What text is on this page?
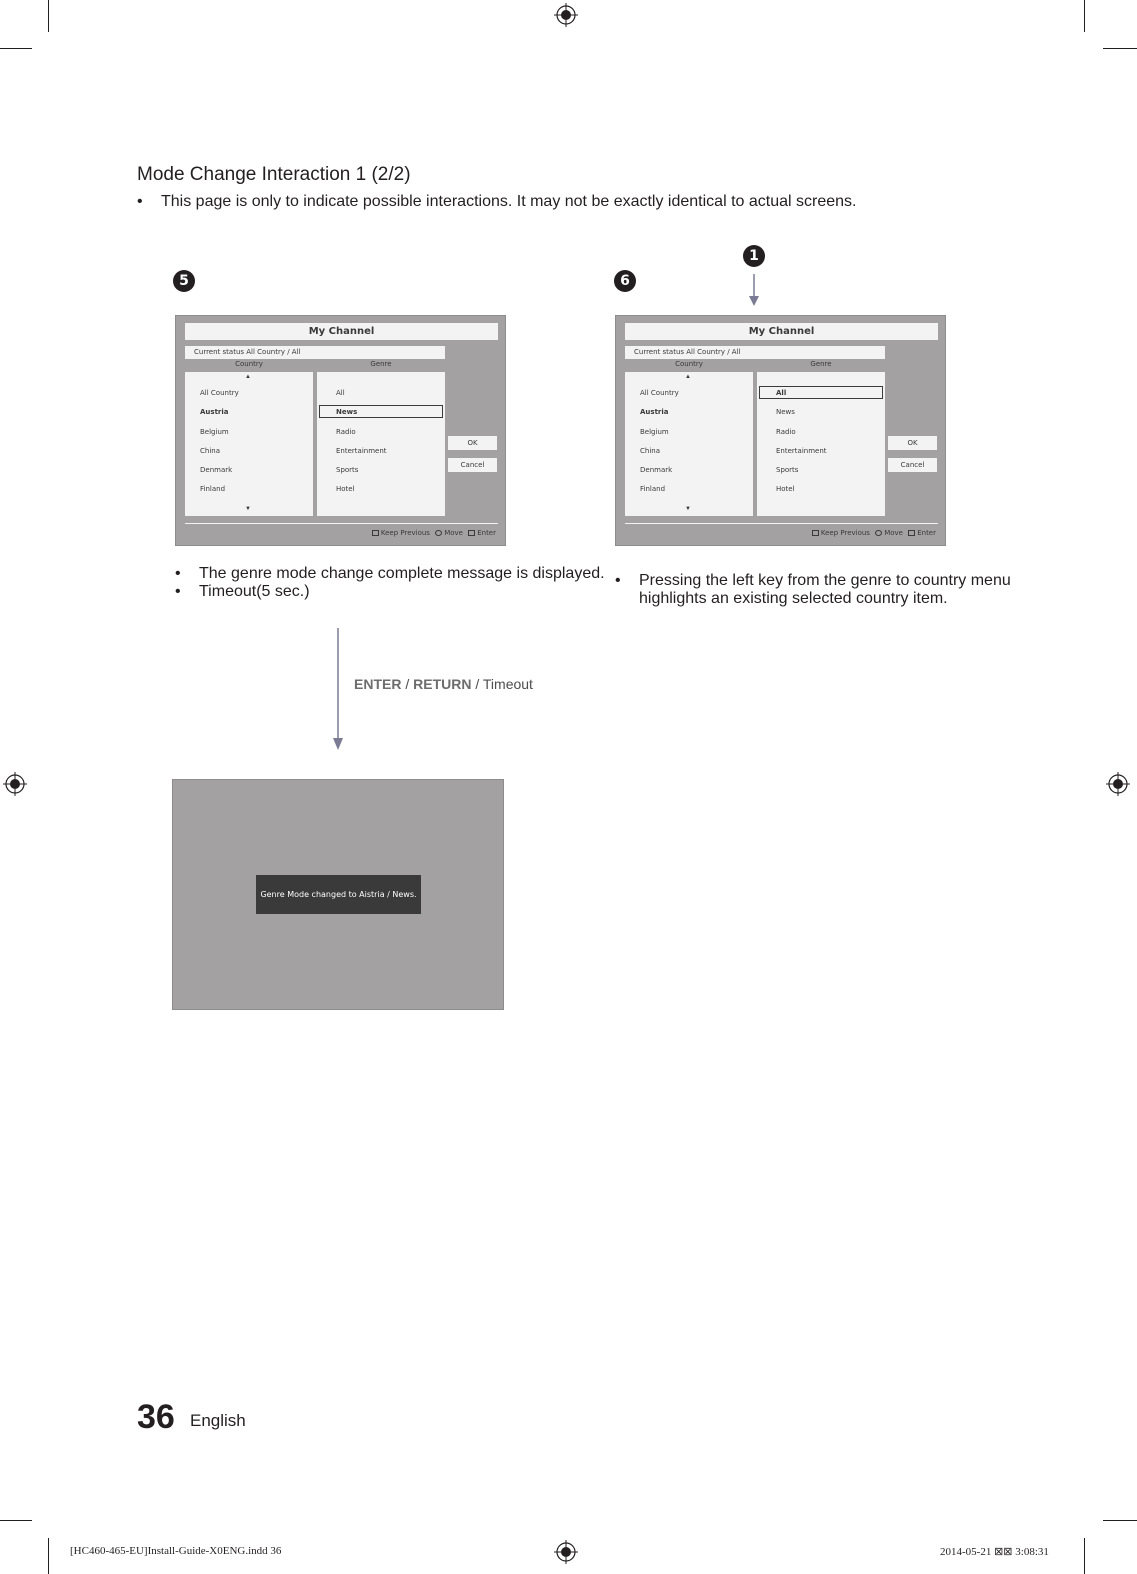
Mode Change Interaction 1 (2/2)
• This page is only to indicate possible interactions. It may not be exactly identical to actual screens.
5	6
1
My Channel
Current status All Country / All
Country	Genre
▲
All Country
Austria
Belgium
China
Denmark
Finland
▼
All
News
Radio
Entertainment
Sports
Hotel
OK
Cancel
Keep Previous Move Enter
My Channel
Current status All Country / All
Country	Genre
▲
All Country
Austria
Belgium
China
Denmark
Finland
▼
All
News
Radio
Entertainment
Sports
Hotel
OK
Cancel
Keep Previous Move Enter
• The genre mode change complete message is displayed.
• Timeout(5 sec.)
• Pressing the left key from the genre to country menu
highlights an existing selected country item.
ENTER / RETURN / Timeout
Genre Mode changed to Aistria / News.
36 English
[HC460-465-EU]Install-Guide-X0ENG.indd 36	2014-05-21 ⊠⊠ 3:08:31
